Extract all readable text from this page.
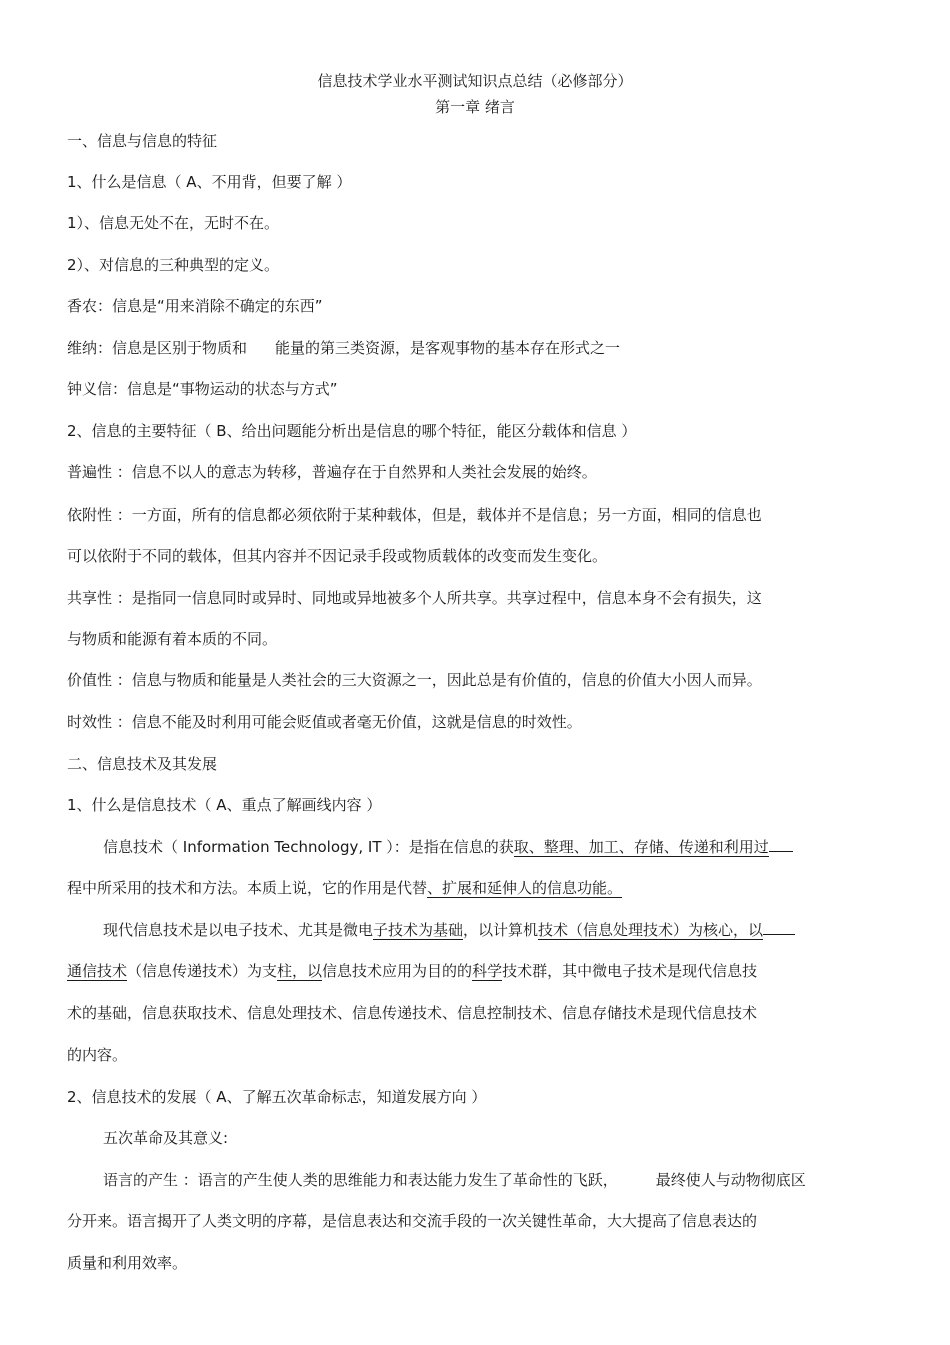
信息技术学业水平测试知识点总结（必修部分）
第一章 绪言
一、信息与信息的特征
1、什么是信息（ A、不用背，但要了解 ）
1）、信息无处不在，无时不在。
2）、对信息的三种典型的定义。
香农：信息是“用来消除不确定的东西”
维纳：信息是区别于物质和 能量的第三类资源，是客观事物的基本存在形式之一
钟义信：信息是“事物运动的状态与方式”
2、信息的主要特征（ B、给出问题能分析出是信息的哪个特征，能区分载体和信息 ）
普遍性 ：信息不以人的意志为转移，普遍存在于自然界和人类社会发展的始终。
依附性 ：一方面，所有的信息都必须依附于某种载体，但是，载体并不是信息；另一方面，相同的信息也
可以依附于不同的载体，但其内容并不因记录手段或物质载体的改变而发生变化。
共享性 ：是指同一信息同时或异时、同地或异地被多个人所共享。共享过程中，信息本身不会有损失，这
与物质和能源有着本质的不同。
价值性 ：信息与物质和能量是人类社会的三大资源之一，因此总是有价值的，信息的价值大小因人而异。
时效性 ：信息不能及时利用可能会贬值或者毫无价值，这就是信息的时效性。
二、信息技术及其发展
1、什么是信息技术（ A、重点了解画线内容 ）
信息技术（ Information Technology, IT ）：是指在信息的获取、整理、加工、存储、传递和利用过
程中所采用的技术和方法。本质上说，它的作用是代替、扩展和延伸人的信息功能。
现代信息技术是以电子技术、尤其是微电子技术为基础，以计算机技术（信息处理技术）为核心，以
通信技术（信息传递技术）为支柱，以信息技术应用为目的的科学技术群，其中微电子技术是现代信息技
术的基础，信息获取技术、信息处理技术、信息传递技术、信息控制技术、信息存储技术是现代信息技术
的内容。
2、信息技术的发展（ A、了解五次革命标志，知道发展方向 ）
五次革命及其意义:
语言的产生 ：语言的产生使人类的思维能力和表达能力发生了革命性的飞跃，	最终使人与动物彻底区
分开来。语言揭开了人类文明的序幕，是信息表达和交流手段的一次关键性革命，大大提高了信息表达的
质量和利用效率。
